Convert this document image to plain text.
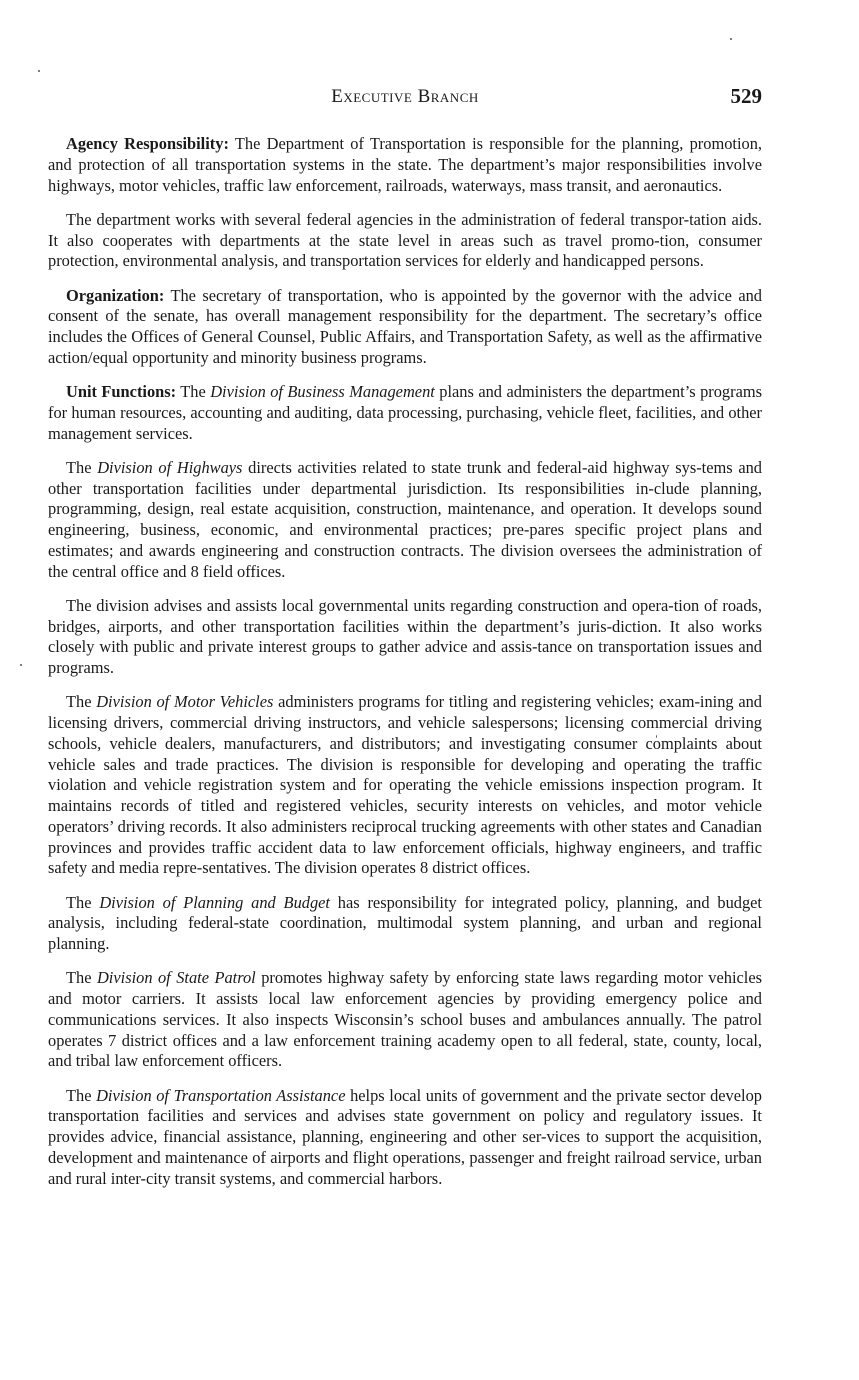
Executive Branch	529

Agency Responsibility: The Department of Transportation is responsible for the planning, promotion, and protection of all transportation systems in the state. The department’s major responsibilities involve highways, motor vehicles, traffic law enforcement, railroads, waterways, mass transit, and aeronautics.

The department works with several federal agencies in the administration of federal transpor-tation aids. It also cooperates with departments at the state level in areas such as travel promo-tion, consumer protection, environmental analysis, and transportation services for elderly and handicapped persons.

Organization: The secretary of transportation, who is appointed by the governor with the advice and consent of the senate, has overall management responsibility for the department. The secretary’s office includes the Offices of General Counsel, Public Affairs, and Transportation Safety, as well as the affirmative action/equal opportunity and minority business programs.

Unit Functions: The Division of Business Management plans and administers the department’s programs for human resources, accounting and auditing, data processing, purchasing, vehicle fleet, facilities, and other management services.

The Division of Highways directs activities related to state trunk and federal-aid highway sys-tems and other transportation facilities under departmental jurisdiction. Its responsibilities in-clude planning, programming, design, real estate acquisition, construction, maintenance, and operation. It develops sound engineering, business, economic, and environmental practices; pre-pares specific project plans and estimates; and awards engineering and construction contracts. The division oversees the administration of the central office and 8 field offices.

The division advises and assists local governmental units regarding construction and opera-tion of roads, bridges, airports, and other transportation facilities within the department’s juris-diction. It also works closely with public and private interest groups to gather advice and assis-tance on transportation issues and programs.

The Division of Motor Vehicles administers programs for titling and registering vehicles; exam-ining and licensing drivers, commercial driving instructors, and vehicle salespersons; licensing commercial driving schools, vehicle dealers, manufacturers, and distributors; and investigating consumer complaints about vehicle sales and trade practices. The division is responsible for developing and operating the traffic violation and vehicle registration system and for operating the vehicle emissions inspection program. It maintains records of titled and registered vehicles, security interests on vehicles, and motor vehicle operators’ driving records. It also administers reciprocal trucking agreements with other states and Canadian provinces and provides traffic accident data to law enforcement officials, highway engineers, and traffic safety and media repre-sentatives. The division operates 8 district offices.

The Division of Planning and Budget has responsibility for integrated policy, planning, and budget analysis, including federal-state coordination, multimodal system planning, and urban and regional planning.

The Division of State Patrol promotes highway safety by enforcing state laws regarding motor vehicles and motor carriers. It assists local law enforcement agencies by providing emergency police and communications services. It also inspects Wisconsin’s school buses and ambulances annually. The patrol operates 7 district offices and a law enforcement training academy open to all federal, state, county, local, and tribal law enforcement officers.

The Division of Transportation Assistance helps local units of government and the private sector develop transportation facilities and services and advises state government on policy and regulatory issues. It provides advice, financial assistance, planning, engineering and other ser-vices to support the acquisition, development and maintenance of airports and flight operations, passenger and freight railroad service, urban and rural inter-city transit systems, and commercial harbors.
